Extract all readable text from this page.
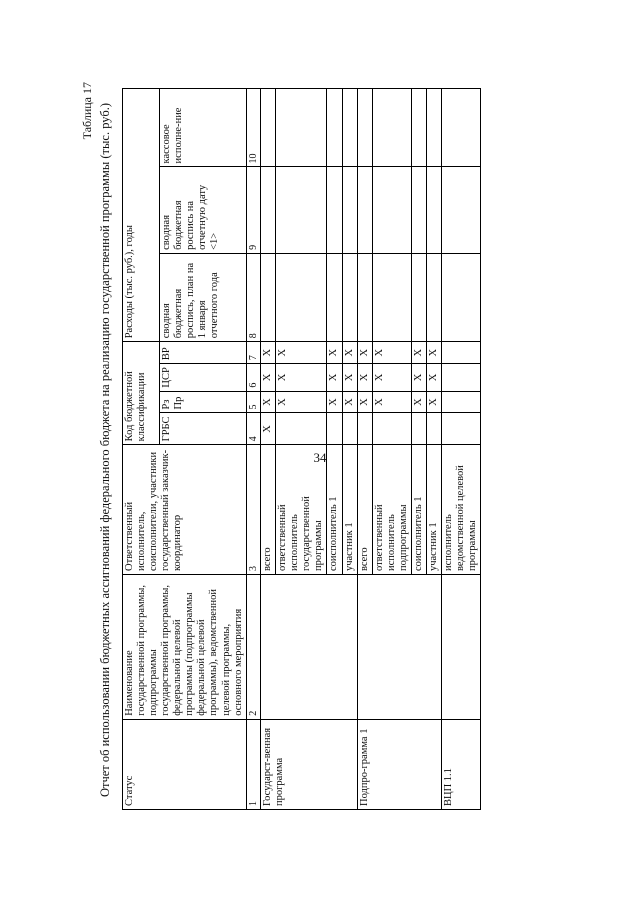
34
Таблица 17 Отчет об использовании бюджетных ассигнований федерального бюджета на реализацию государственной программы (тыс. руб.) Статус	Наименование государственной программы, подпрограммы государственной программы, федеральной целевой программы (подпрограммы федеральной целевой программы), ведомственной целевой программы, основного мероприятия	Ответственный исполнитель, соисполнители, участники государственный заказчик-координатор	Код бюджетной классификации				Расходы (тыс. руб.), годы		
			ГРБС	Рз Пр	ЦСР	ВР	сводная бюджетная роспись, план на 1 января отчетного года	сводная бюджетная роспись на отчетную дату <1>	кассовое исполне-ние
1	2	3	4	5	6	7	8	9	10
Государст-венная программа		всего	X	X	X	X			
		ответственный исполнитель государственной программы		X	X	X			
		соисполнитель 1		X	X	X			
		участник 1		X	X	X			
Подпро-грамма 1		всего		X	X	X			
		ответственный исполнитель подпрограммы		X	X	X			
		соисполнитель 1		X	X	X			
		участник 1		X	X	X			
ВЦП 1.1		исполнитель ведомственной целевой программы							
